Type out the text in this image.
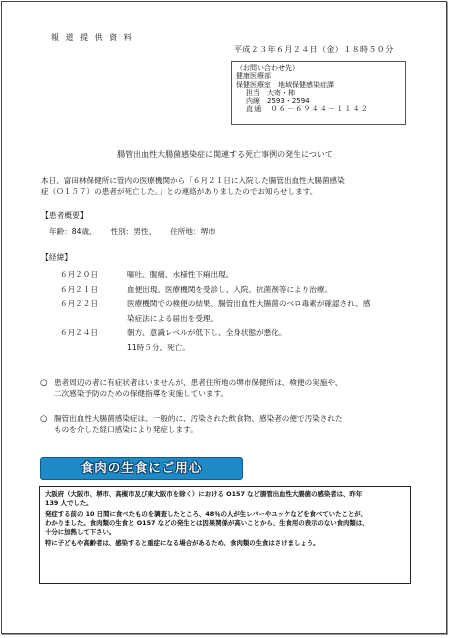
報 道 提 供 資 料
平成２３年６月２４日（金）１８時５０分
（お問い合わせ先）
健康医療部
保健医療室　地域保健感染症課
担当　大寄・柿
内線　2593・2594
直通　０６－６９４４－１１４２
腸管出血性大腸菌感染症に関連する死亡事例の発生について
本日、富田林保健所に管内の医療機関から「６月２１日に入院した腸管出血性大腸菌感染
症（Ｏ１５７）の患者が死亡した。」との連絡がありましたのでお知らせします。
【患者概要】
年齢：84歳、 性別：男性、 住所地：堺市
【経緯】
６月２０日	嘔吐、腹痛、水様性下痢出現。
６月２１日	血便出現。医療機関を受診し、入院。抗菌剤等により治療。
６月２２日	医療機関での検便の結果、腸管出血性大腸菌のベロ毒素が確認され、感
染症法による届出を受理。
６月２４日	朝方、意識レベルが低下し、全身状態が悪化。
11時５分、死亡。
○ 患者周辺の者に有症状者はいませんが、患者住所地の堺市保健所は、検便の実施や、
二次感染予防のための保健指導を実施しています。
○ 腸管出血性大腸菌感染症は、一般的に、汚染された飲食物、感染者の便で汚染された
ものを介した経口感染により発症します。
食肉の生食にご用心

大阪府（大阪市、堺市、高槻市及び東大阪市を除く）における O157 など腸管出血性大腸菌の感染者は、昨年
139 人でした。

発症する前の 10 日間に食べたものを調査したところ、48％の人が生レバーやユッケなどを食べていたことが、
わかりました。食肉類の生食と O157 などの発生とは因果関係が高いことから、生食用の表示のない食肉類は、
十分に加熱して下さい。

特に子どもや高齢者は、感染すると重症になる場合があるため、食肉類の生食はさけましょう。
